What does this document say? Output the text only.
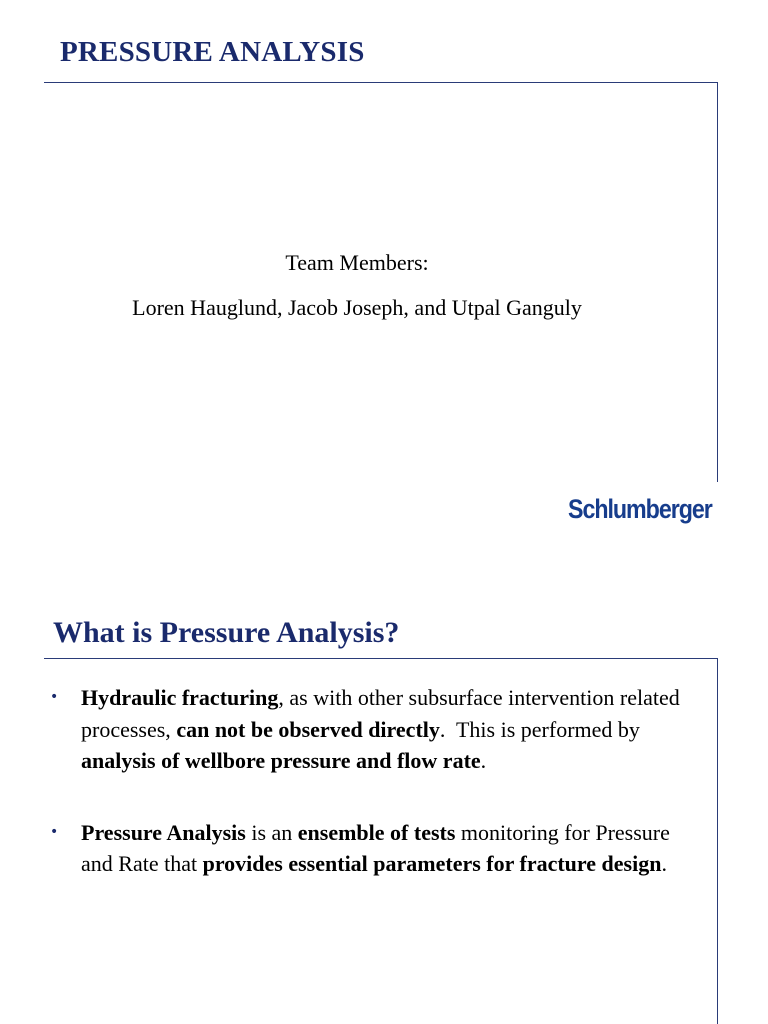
PRESSURE ANALYSIS

Team Members:

Loren Hauglund, Jacob Joseph, and Utpal Ganguly

Schlumberger
What is Pressure Analysis?
• Hydraulic fracturing, as with other subsurface intervention related processes, can not be observed directly.  This is performed by analysis of wellbore pressure and flow rate.
• Pressure Analysis is an ensemble of tests monitoring for Pressure and Rate that provides essential parameters for fracture design.
